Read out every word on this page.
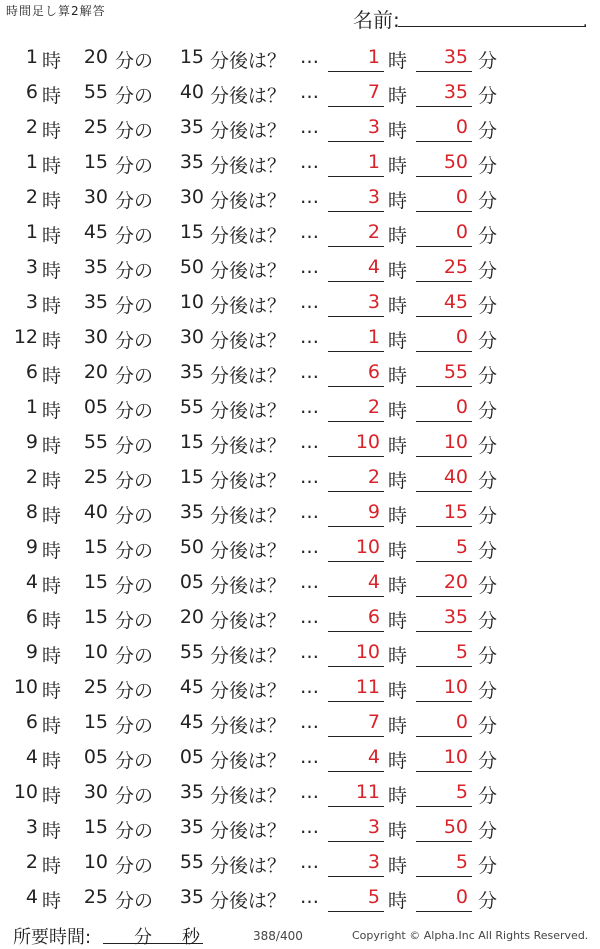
時間足し算2解答	名前:	.
1 時	20 分の	15 分後は？ …	1 時	35 分
6 時	55 分の	40 分後は？ …	7 時	35 分
2 時	25 分の	35 分後は？ …	3 時	0 分
1 時	15 分の	35 分後は？ …	1 時	50 分
2 時	30 分の	30 分後は？ …	3 時	0 分
1 時	45 分の	15 分後は？ …	2 時	0 分
3 時	35 分の	50 分後は？ …	4 時	25 分
3 時	35 分の	10 分後は？ …	3 時	45 分
12 時	30 分の	30 分後は？ …	1 時	0 分
6 時	20 分の	35 分後は？ …	6 時	55 分
1 時	05 分の	55 分後は？ …	2 時	0 分
9 時	55 分の	15 分後は？ …	10 時	10 分
2 時	25 分の	15 分後は？ …	2 時	40 分
8 時	40 分の	35 分後は？ …	9 時	15 分
9 時	15 分の	50 分後は？ …	10 時	5 分
4 時	15 分の	05 分後は？ …	4 時	20 分
6 時	15 分の	20 分後は？ …	6 時	35 分
9 時	10 分の	55 分後は？ …	10 時	5 分
10 時	25 分の	45 分後は？ …	11 時	10 分
6 時	15 分の	45 分後は？ …	7 時	0 分
4 時	05 分の	05 分後は？ …	4 時	10 分
10 時	30 分の	35 分後は？ …	11 時	5 分
3 時	15 分の	35 分後は？ …	3 時	50 分
2 時	10 分の	55 分後は？ …	3 時	5 分
4 時	25 分の	35 分後は？ …	5 時	0 分
所要時間: 分 秒	388/400	Copyright © Alpha.Inc All Rights Reserved.
